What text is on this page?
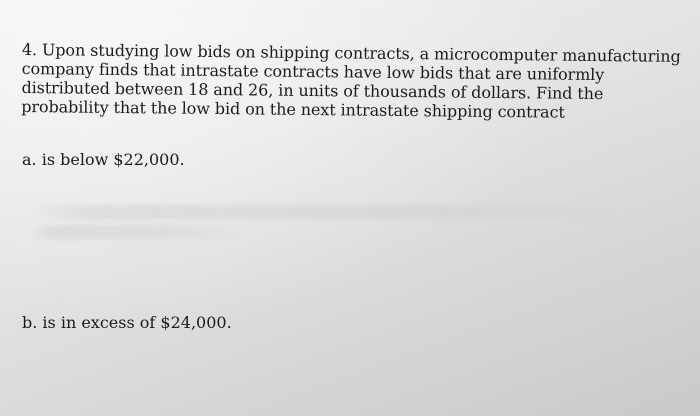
4. Upon studying low bids on shipping contracts, a microcomputer manufacturing company finds that intrastate contracts have low bids that are uniformly distributed between 18 and 26, in units of thousands of dollars. Find the probability that the low bid on the next intrastate shipping contract

a. is below $22,000.
b. is in excess of $24,000.
